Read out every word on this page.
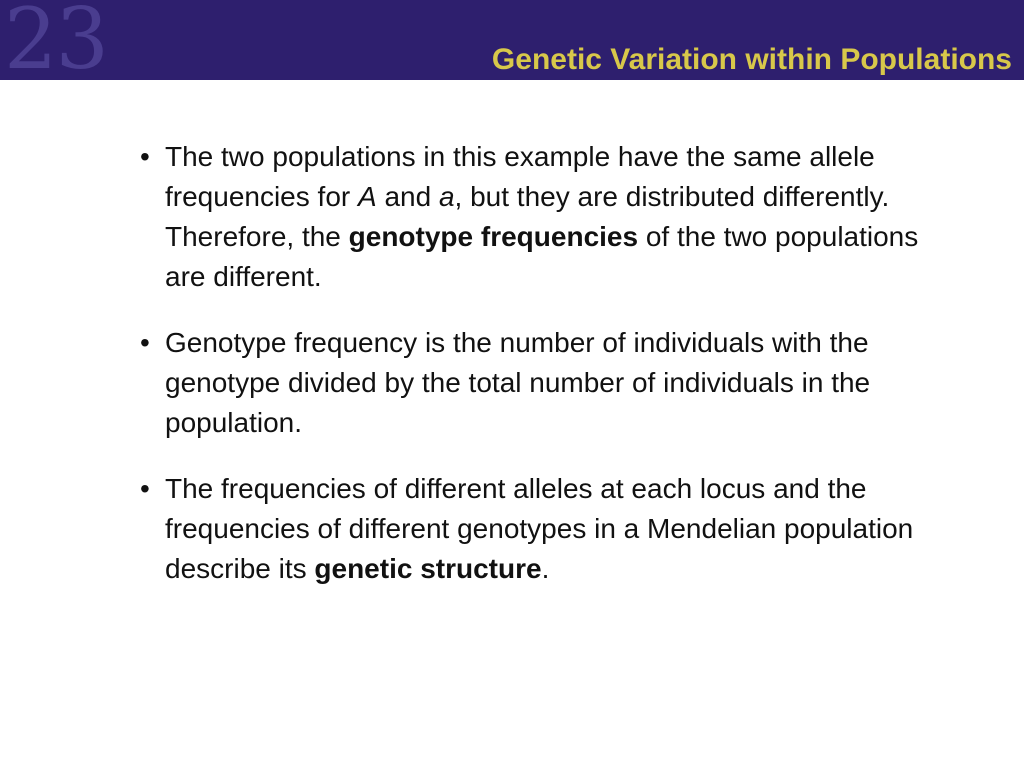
23	Genetic Variation within Populations
• The two populations in this example have the same allele frequencies for A and a, but they are distributed differently. Therefore, the genotype frequencies of the two populations are different.
• Genotype frequency is the number of individuals with the genotype divided by the total number of individuals in the population.
• The frequencies of different alleles at each locus and the frequencies of different genotypes in a Mendelian population describe its genetic structure.
